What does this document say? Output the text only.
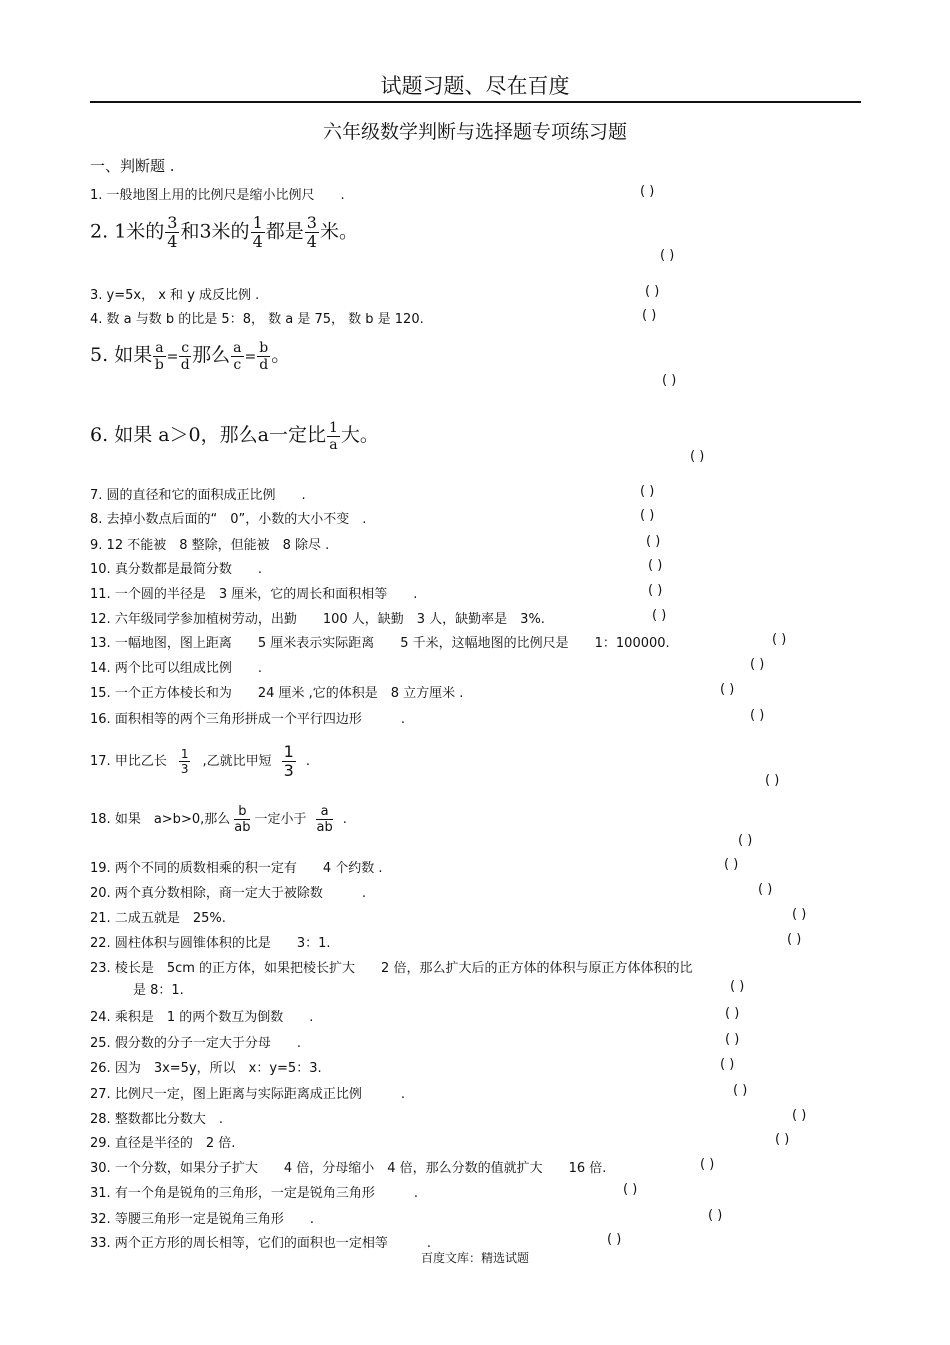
试题习题、尽在百度
六年级数学判断与选择题专项练习题
一、判断题 .
1. 一般地图上用的比例尺是缩小比例尺　　.	( )
2. 1米的 $\frac{3}{4}$ 和3米的 $\frac{1}{4}$ 都是 $\frac{3}{4}$ 米。
( )
3. y=5x， x 和 y 成反比例 .	( )
4. 数 a 与数 b 的比是 5：8， 数 a 是 75， 数 b 是 120.	( )
5. 如果 $\frac{a}{b} = \frac{c}{d}$ 那么 $\frac{a}{c} = \frac{b}{d}$ 。
( )
6. 如果 a＞0，那么a一定比 $\frac{1}{a}$ 大。
( )
7. 圆的直径和它的面积成正比例　　.	( )
8. 去掉小数点后面的“　0”，小数的大小不变　.	( )
9. 12 不能被　8 整除，但能被　8 除尽 .	( )
10. 真分数都是最简分数　　.	( )
11. 一个圆的半径是　3 厘米，它的周长和面积相等　　.	( )
12. 六年级同学参加植树劳动，出勤　　100 人，缺勤　3 人，缺勤率是　3%.	( )
13. 一幅地图，图上距离　　5 厘米表示实际距离　　5 千米，这幅地图的比例尺是　　1：100000.	( )
14. 两个比可以组成比例　　.	( )
15. 一个正方体棱长和为　　24 厘米 ,它的体积是　8 立方厘米 .	( )
16. 面积相等的两个三角形拼成一个平行四边形　　　.	( )
17. 甲比乙长 $\frac{1}{3}$ ,乙就比甲短 $\frac{1}{3}$ .
( )
18. 如果　a>b>0,那么 $\frac{b}{ab}$ 一定小于 $\frac{a}{ab}$ .
( )
19. 两个不同的质数相乘的积一定有　　4 个约数 .	( )
20. 两个真分数相除，商一定大于被除数　　　.	( )
21. 二成五就是　25%.	( )
22. 圆柱体积与圆锥体积的比是　　3：1.	( )
23. 棱长是　5cm 的正方体，如果把棱长扩大　　2 倍，那么扩大后的正方体的体积与原正方体体积的比
是 8：1.	( )
24. 乘积是　1 的两个数互为倒数　　.	( )
25. 假分数的分子一定大于分母　　.	( )
26. 因为　3x=5y，所以　x：y=5：3.	( )
27. 比例尺一定，图上距离与实际距离成正比例　　　.	( )
28. 整数都比分数大　.	( )
29. 直径是半径的　2 倍.	( )
30. 一个分数，如果分子扩大　　4 倍，分母缩小　4 倍，那么分数的值就扩大　　16 倍.	( )
31. 有一个角是锐角的三角形，一定是锐角三角形　　　.	( )
32. 等腰三角形一定是锐角三角形　　.	( )
33. 两个正方形的周长相等，它们的面积也一定相等　　　.	( )
百度文库：精选试题
